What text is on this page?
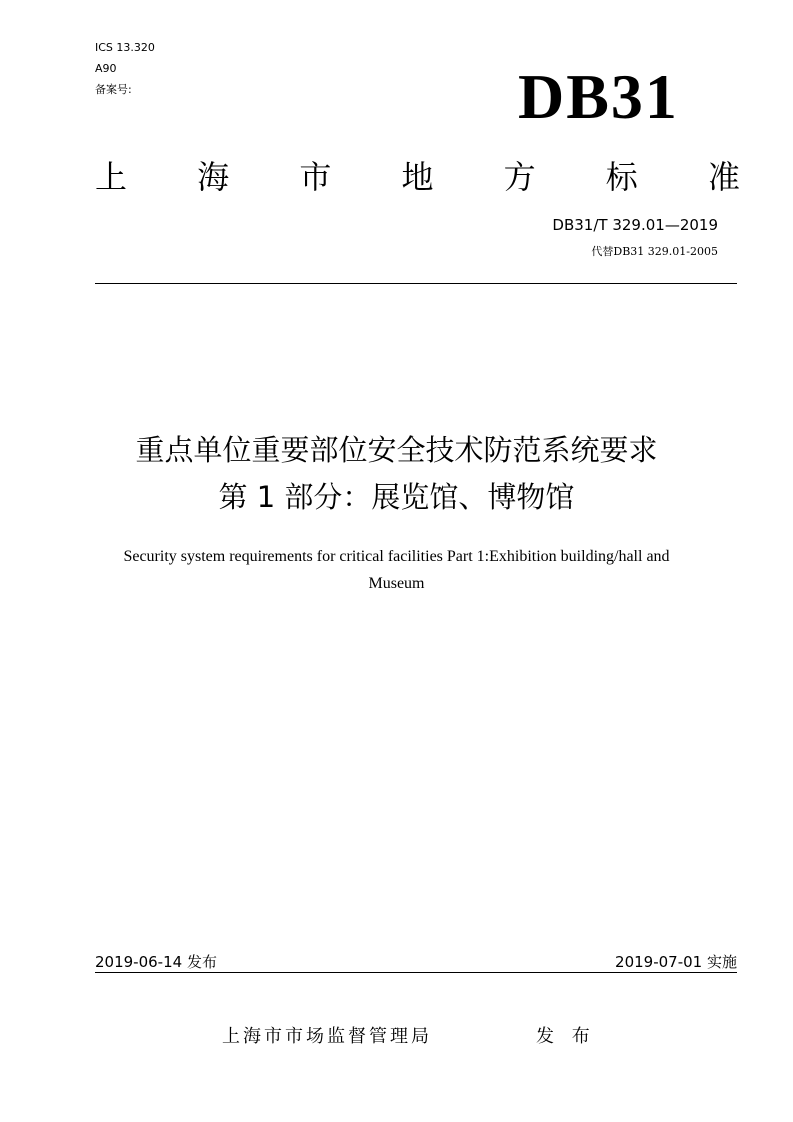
ICS 13.320
A90
备案号:	DB31
上 海 市 地 方 标 准
DB31/T 329.01—2019
代替DB31 329.01-2005
重点单位重要部位安全技术防范系统要求
第 1 部分：展览馆、博物馆
Security system requirements for critical facilities Part 1:Exhibition building/hall and
Museum
2019-06-14 发布	2019-07-01 实施
上海市市场监督管理局	发 布
